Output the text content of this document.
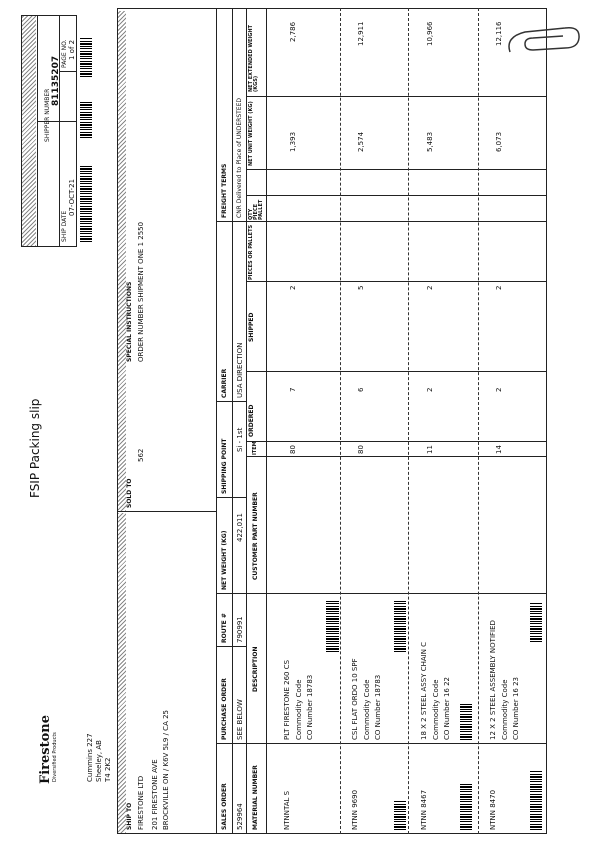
Firestone Diversified Products	Cummins 227 Sheeley, AB T4 2K2
FSIP Packing slip
SHIPPER NUMBER
81135207
SHIP DATE
07-OCT-21
PAGE NO. 1 of 2
SHIP TO FIRESTONE LTD 201 FIRESTONE AVE BROCKVILLE ON / K6V 5L9 / CA 25
SOLD TO
562
SPECIAL INSTRUCTIONS ORDER NUMBER SHIPMENT ONE 1 2550
SALES ORDER
PURCHASE ORDER
ROUTE #
NET WEIGHT (KG)
SHIPPING POINT
CARRIER
FREIGHT TERMS
529964
SEE BELOW
790991
422,011
Si - 1st
USA DIRECTION
CNR Delivered to Place of UNDERSTEED
MATERIAL NUMBER
DESCRIPTION
CUSTOMER PART NUMBER
ITEM
ORDERED
SHIPPED
PIECES OR PALLETS
QTY PIECE PALLET
NET UNIT WEIGHT (KG)
NET EXTENDED WEIGHT (KGS)
NTNNTAL S
PLT FIRESTONE 260 CS Commodity Code CO Number 18783
80
7
2
1,393
2,786
NTNN 9690
CSL FLAT ORDO 10 SPF Commodity Code CO Number 18783
80
6
5
2,574
12,911
NTNN 8467
18 X 2 STEEL ASSY CHAIN C Commodity Code CO Number 16 22
11
2
2
5,483
10,966
NTNN 8470
12 X 2 STEEL ASSEMBLY NOTIFIED Commodity Code CO Number 16 23
14
2
2
6,073
12,116
